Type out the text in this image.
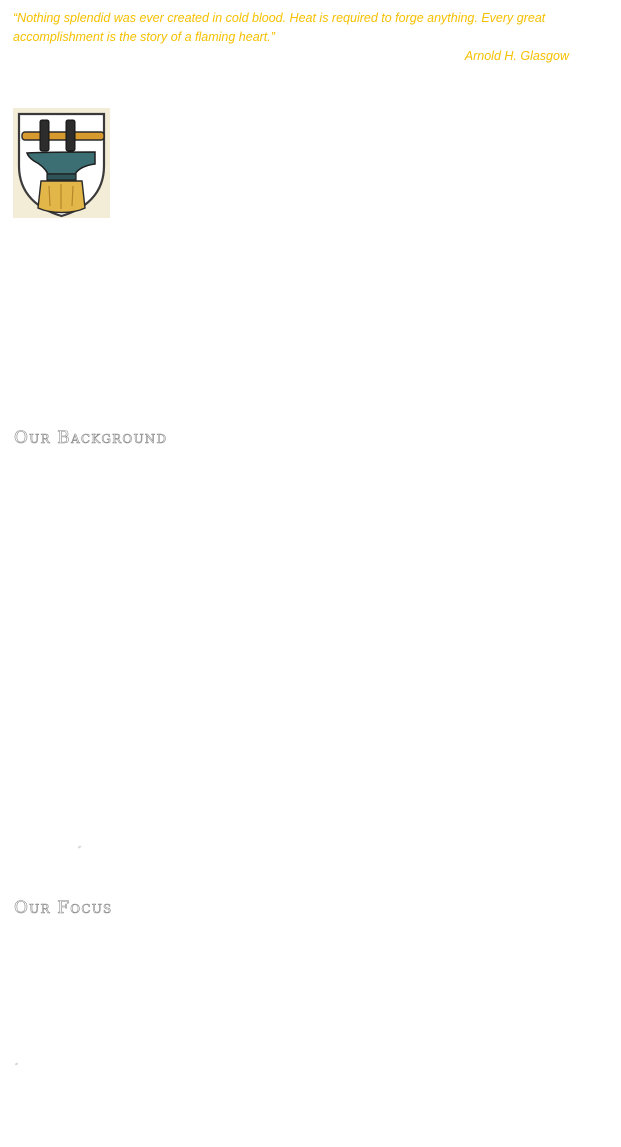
“Nothing splendid was ever created in cold blood. Heat is required to forge anything. Every great accomplishment is the story of a flaming heart.”
Arnold H. Glasgow
Our Background
Our Focus
